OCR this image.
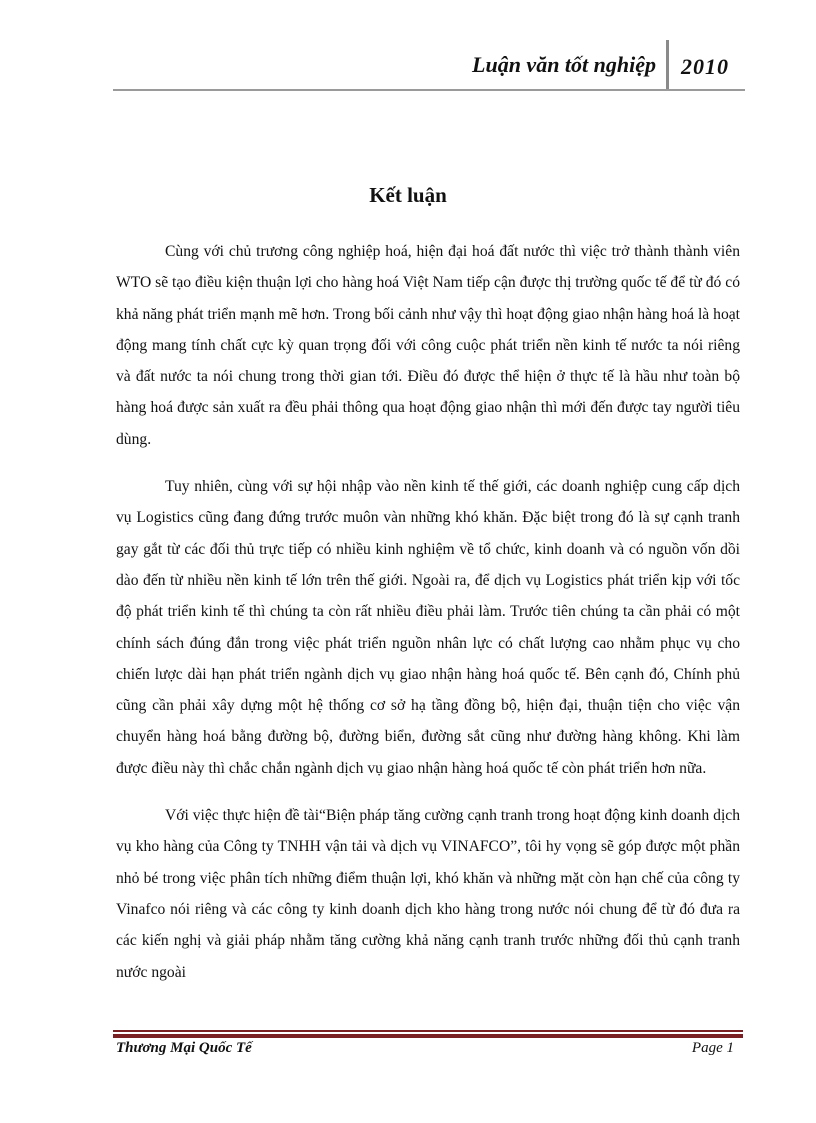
Luận văn tốt nghiệp 2010
Kết luận

Cùng với chủ trương công nghiệp hoá, hiện đại hoá đất nước thì việc trở thành thành viên WTO sẽ tạo điều kiện thuận lợi cho hàng hoá Việt Nam tiếp cận được thị trường quốc tế để từ đó có khả năng phát triển mạnh mẽ hơn. Trong bối cảnh như vậy thì hoạt động giao nhận hàng hoá là hoạt động mang tính chất cực kỳ quan trọng đối với công cuộc phát triển nền kinh tế nước ta nói riêng và đất nước ta nói chung trong thời gian tới. Điều đó được thể hiện ở thực tế là hầu như toàn bộ hàng hoá được sản xuất ra đều phải thông qua hoạt động giao nhận thì mới đến được tay người tiêu dùng.

Tuy nhiên, cùng với sự hội nhập vào nền kinh tế thế giới, các doanh nghiệp cung cấp dịch vụ Logistics cũng đang đứng trước muôn vàn những khó khăn. Đặc biệt trong đó là sự cạnh tranh gay gắt từ các đối thủ trực tiếp có nhiều kinh nghiệm về tổ chức, kinh doanh và có nguồn vốn dồi dào đến từ nhiều nền kinh tế lớn trên thế giới. Ngoài ra, để dịch vụ Logistics phát triển kịp với tốc độ phát triển kinh tế thì chúng ta còn rất nhiều điều phải làm. Trước tiên chúng ta cần phải có một chính sách đúng đắn trong việc phát triển nguồn nhân lực có chất lượng cao nhằm phục vụ cho chiến lược dài hạn phát triển ngành dịch vụ giao nhận hàng hoá quốc tế. Bên cạnh đó, Chính phủ cũng cần phải xây dựng một hệ thống cơ sở hạ tầng đồng bộ, hiện đại, thuận tiện cho việc vận chuyển hàng hoá bằng đường bộ, đường biển, đường sắt cũng như đường hàng không. Khi làm được điều này thì chắc chắn ngành dịch vụ giao nhận hàng hoá quốc tế còn phát triển hơn nữa.

Với việc thực hiện đề tài“Biện pháp tăng cường cạnh tranh trong hoạt động kinh doanh dịch vụ kho hàng của Công ty TNHH vận tải và dịch vụ VINAFCO”, tôi hy vọng sẽ góp được một phần nhỏ bé trong việc phân tích những điểm thuận lợi, khó khăn và những mặt còn hạn chế của công ty Vinafco nói riêng và các công ty kinh doanh dịch kho hàng trong nước nói chung để từ đó đưa ra các kiến nghị và giải pháp nhằm tăng cường khả năng cạnh tranh trước những đối thủ cạnh tranh nước ngoài

Thương Mại Quốc Tế	Page 1
